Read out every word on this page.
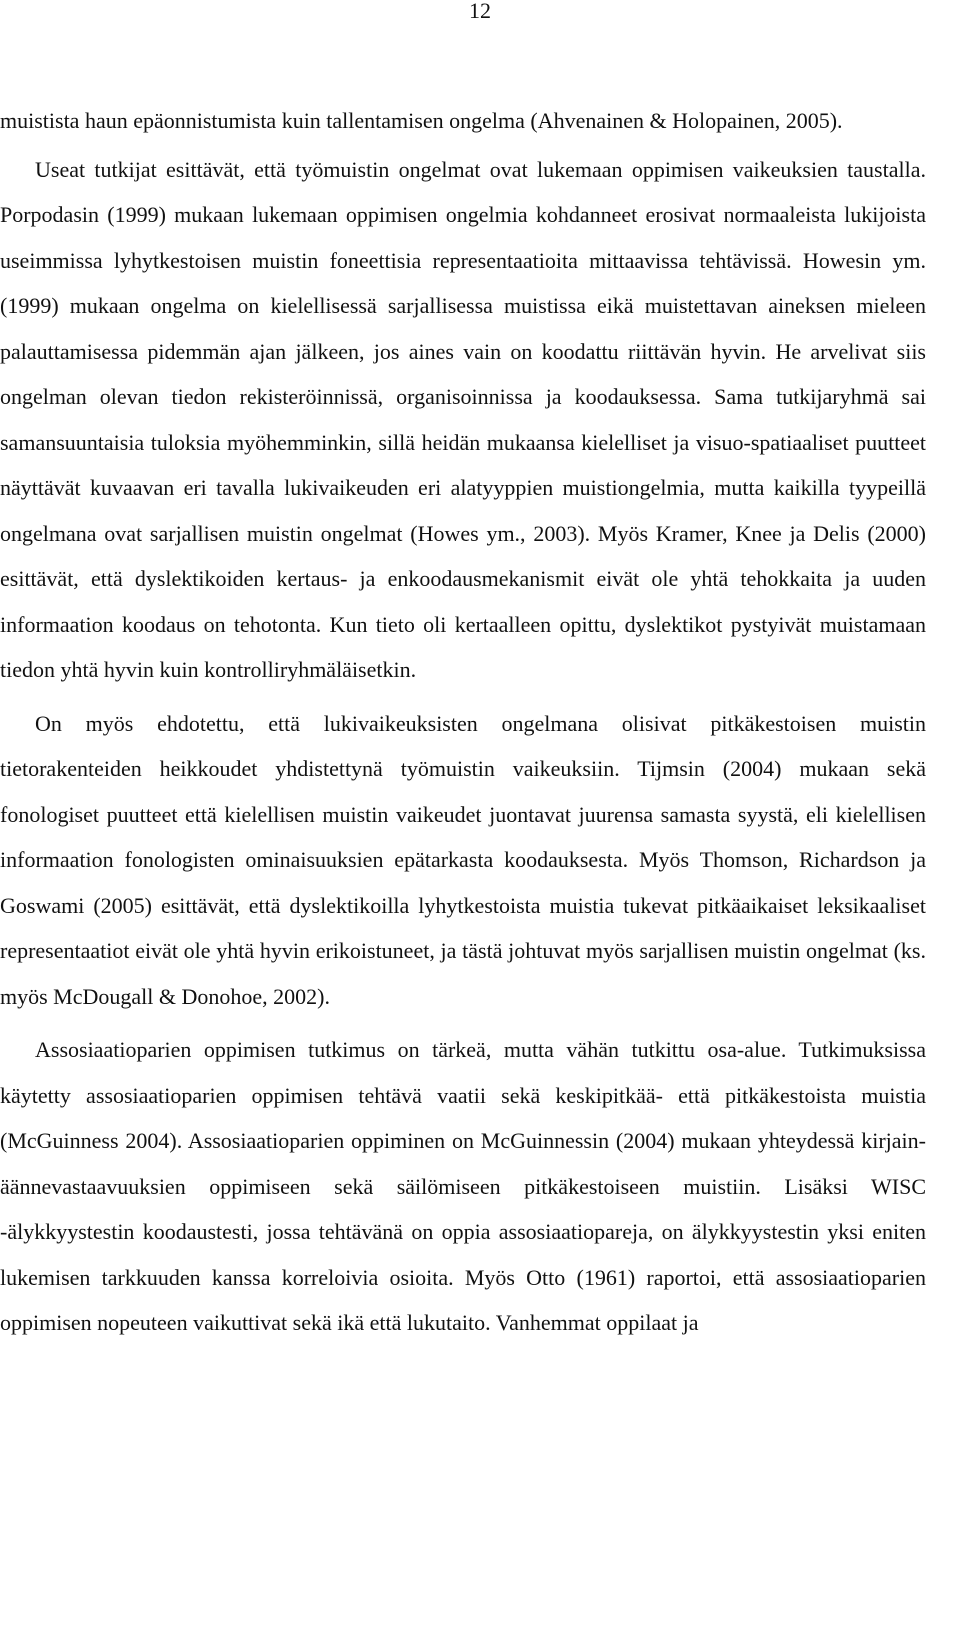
12

muistista haun epäonnistumista kuin tallentamisen ongelma (Ahvenainen & Holopainen, 2005).

Useat tutkijat esittävät, että työmuistin ongelmat ovat lukemaan oppimisen vaikeuksien taustalla. Porpodasin (1999) mukaan lukemaan oppimisen ongelmia kohdanneet erosivat normaaleista lukijoista useimmissa lyhytkestoisen muistin foneettisia representaatioita mittaavissa tehtävissä. Howesin ym. (1999) mukaan ongelma on kielellisessä sarjallisessa muistissa eikä muistettavan aineksen mieleen palauttamisessa pidemmän ajan jälkeen, jos aines vain on koodattu riittävän hyvin. He arvelivat siis ongelman olevan tiedon rekisteröinnissä, organisoinnissa ja koodauksessa. Sama tutkijaryhmä sai samansuuntaisia tuloksia myöhemminkin, sillä heidän mukaansa kielelliset ja visuo-spatiaaliset puutteet näyttävät kuvaavan eri tavalla lukivaikeuden eri alatyyppien muistiongelmia, mutta kaikilla tyypeillä ongelmana ovat sarjallisen muistin ongelmat (Howes ym., 2003). Myös Kramer, Knee ja Delis (2000) esittävät, että dyslektikoiden kertaus- ja enkoodausmekanismit eivät ole yhtä tehokkaita ja uuden informaation koodaus on tehotonta. Kun tieto oli kertaalleen opittu, dyslektikot pystyivät muistamaan tiedon yhtä hyvin kuin kontrolliryhmäläisetkin.

On myös ehdotettu, että lukivaikeuksisten ongelmana olisivat pitkäkestoisen muistin tietorakenteiden heikkoudet yhdistettynä työmuistin vaikeuksiin. Tijmsin (2004) mukaan sekä fonologiset puutteet että kielellisen muistin vaikeudet juontavat juurensa samasta syystä, eli kielellisen informaation fonologisten ominaisuuksien epätarkasta koodauksesta. Myös Thomson, Richardson ja Goswami (2005) esittävät, että dyslektikoilla lyhytkestoista muistia tukevat pitkäaikaiset leksikaaliset representaatiot eivät ole yhtä hyvin erikoistuneet, ja tästä johtuvat myös sarjallisen muistin ongelmat (ks. myös McDougall & Donohoe, 2002).

Assosiaatioparien oppimisen tutkimus on tärkeä, mutta vähän tutkittu osa-alue. Tutkimuksissa käytetty assosiaatioparien oppimisen tehtävä vaatii sekä keskipitkää- että pitkäkestoista muistia (McGuinness 2004). Assosiaatioparien oppiminen on McGuinnessin (2004) mukaan yhteydessä kirjain-äännevastaavuuksien oppimiseen sekä säilömiseen pitkäkestoiseen muistiin. Lisäksi WISC -älykkyystestin koodaustesti, jossa tehtävänä on oppia assosiaatiopareja, on älykkyystestin yksi eniten lukemisen tarkkuuden kanssa korreloivia osioita. Myös Otto (1961) raportoi, että assosiaatioparien oppimisen nopeuteen vaikuttivat sekä ikä että lukutaito. Vanhemmat oppilaat ja
